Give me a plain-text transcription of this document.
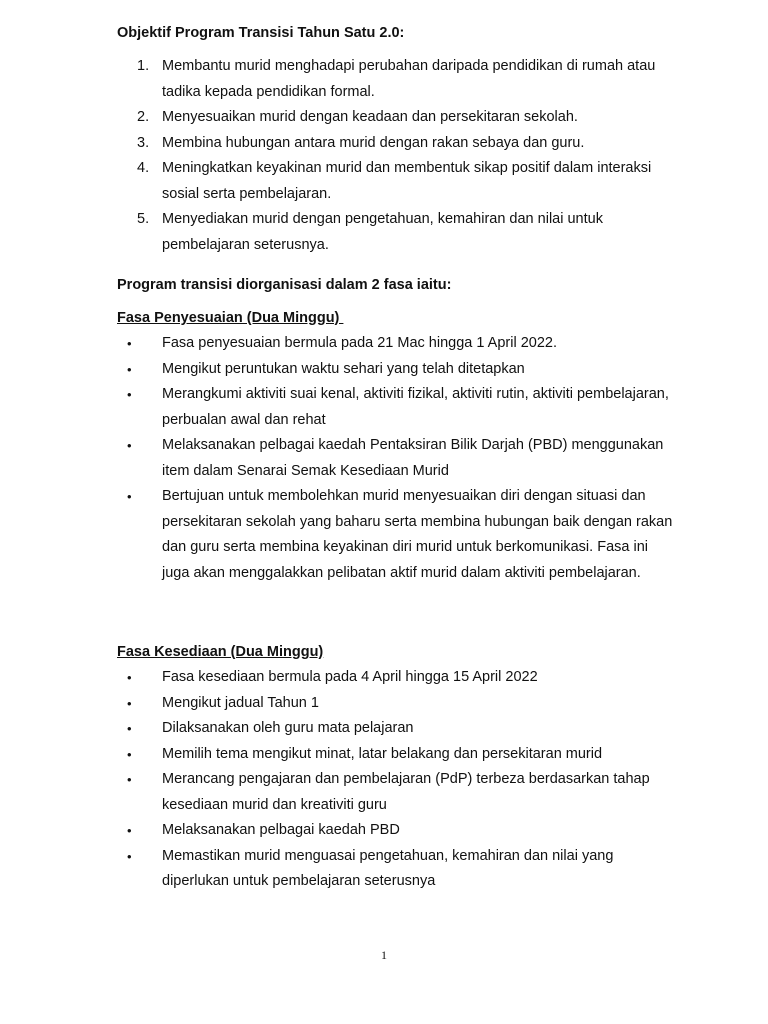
Objektif Program Transisi Tahun Satu 2.0:
1. Membantu murid menghadapi perubahan daripada pendidikan di rumah atau tadika kepada pendidikan formal.
2. Menyesuaikan murid dengan keadaan dan persekitaran sekolah.
3. Membina hubungan antara murid dengan rakan sebaya dan guru.
4. Meningkatkan keyakinan murid dan membentuk sikap positif dalam interaksi sosial serta pembelajaran.
5. Menyediakan murid dengan pengetahuan, kemahiran dan nilai untuk pembelajaran seterusnya.
Program transisi diorganisasi dalam 2 fasa iaitu:
Fasa Penyesuaian (Dua Minggu)
• Fasa penyesuaian bermula pada 21 Mac hingga 1 April 2022.
• Mengikut peruntukan waktu sehari yang telah ditetapkan
• Merangkumi aktiviti suai kenal, aktiviti fizikal, aktiviti rutin, aktiviti pembelajaran, perbualan awal dan rehat
• Melaksanakan pelbagai kaedah Pentaksiran Bilik Darjah (PBD) menggunakan item dalam Senarai Semak Kesediaan Murid
• Bertujuan untuk membolehkan murid menyesuaikan diri dengan situasi dan persekitaran sekolah yang baharu serta membina hubungan baik dengan rakan dan guru serta membina keyakinan diri murid untuk berkomunikasi. Fasa ini juga akan menggalakkan pelibatan aktif murid dalam aktiviti pembelajaran.
Fasa Kesediaan (Dua Minggu)
• Fasa kesediaan bermula pada 4 April hingga 15 April 2022
• Mengikut jadual Tahun 1
• Dilaksanakan oleh guru mata pelajaran
• Memilih tema mengikut minat, latar belakang dan persekitaran murid
• Merancang pengajaran dan pembelajaran (PdP) terbeza berdasarkan tahap kesediaan murid dan kreativiti guru
• Melaksanakan pelbagai kaedah PBD
• Memastikan murid menguasai pengetahuan, kemahiran dan nilai yang diperlukan untuk pembelajaran seterusnya
1
